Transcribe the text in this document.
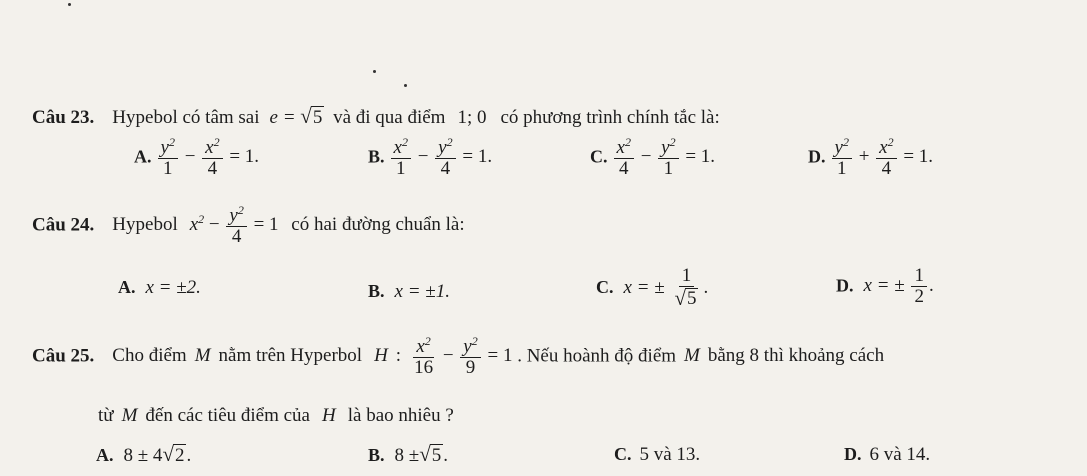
Câu 23. Hypebol có tâm sai e = √ 5 và đi qua điểm 1; 0 có phương trình chính tắc là:
A. $\frac{y^2}{1} - \frac{x^2}{4} = 1$.	B. $\frac{x^2}{1} - \frac{y^2}{4} = 1$.	C. $\frac{x^2}{4} - \frac{y^2}{1} = 1$.	D. $\frac{y^2}{1} + \frac{x^2}{4} = 1$.
Câu 24. Hypebol $x^2 - \frac{y^2}{4} = 1$ có hai đường chuẩn là:
A. x = ±2.	B. x = ±1.	C. x = ± $\frac{1}{√ 5}$ .	D. x = ± $\frac{1}{2}$ .
Câu 25. Cho điểm M nằm trên Hyperbol H : $\frac{x^2}{16} - \frac{y^2}{9} = 1$ . Nếu hoành độ điểm M bằng 8 thì khoảng cách
từ M đến các tiêu điểm của H là bao nhiêu ?
A. 8 ± 4 √ 2 .	B. 8 ± √ 5 .	C. 5 và 13.	D. 6 và 14.
